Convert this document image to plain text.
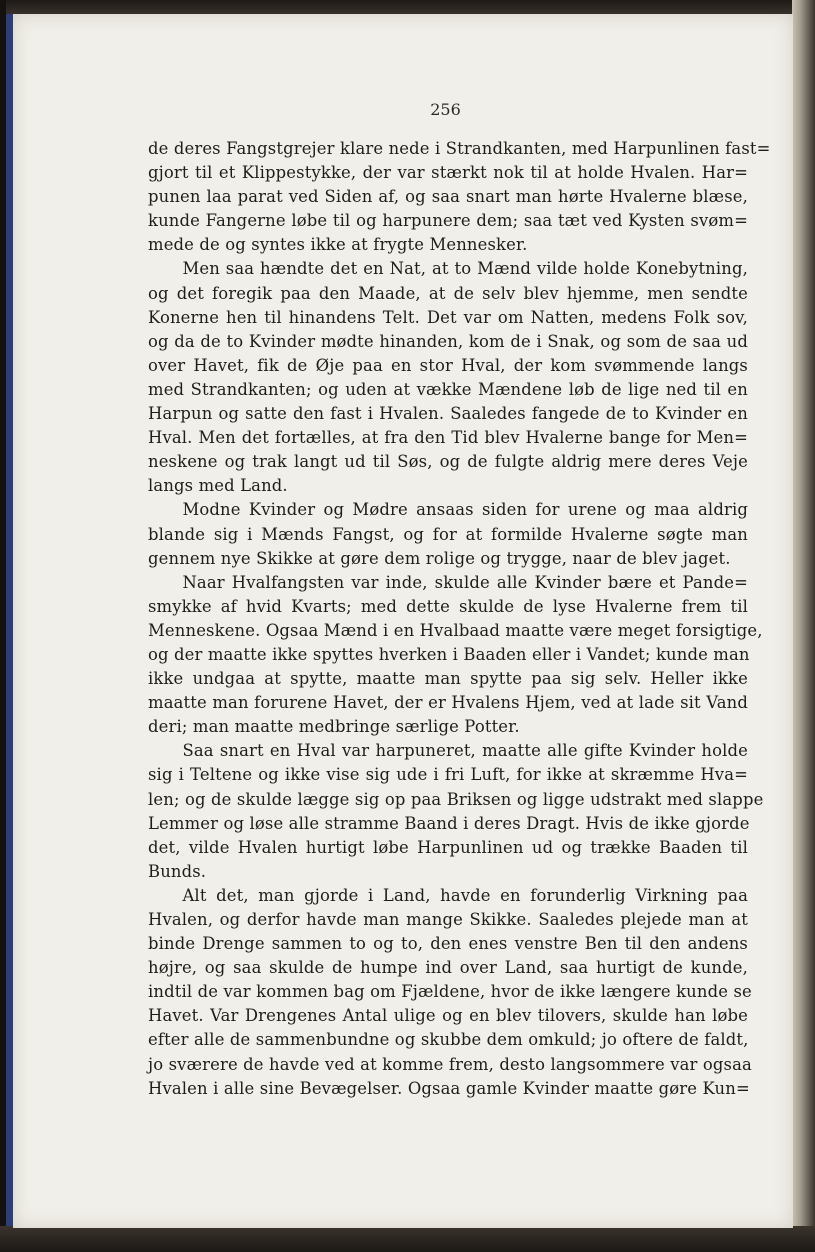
256
de deres Fangstgrejer klare nede i Strandkanten, med Harpunlinen fast=
gjort til et Klippestykke, der var stærkt nok til at holde Hvalen. Har=
punen laa parat ved Siden af, og saa snart man hørte Hvalerne blæse,
kunde Fangerne løbe til og harpunere dem; saa tæt ved Kysten svøm=
mede de og syntes ikke at frygte Mennesker.
Men saa hændte det en Nat, at to Mænd vilde holde Konebytning,
og det foregik paa den Maade, at de selv blev hjemme, men sendte
Konerne hen til hinandens Telt. Det var om Natten, medens Folk sov,
og da de to Kvinder mødte hinanden, kom de i Snak, og som de saa ud
over Havet, fik de Øje paa en stor Hval, der kom svømmende langs
med Strandkanten; og uden at vække Mændene løb de lige ned til en
Harpun og satte den fast i Hvalen. Saaledes fangede de to Kvinder en
Hval. Men det fortælles, at fra den Tid blev Hvalerne bange for Men=
neskene og trak langt ud til Søs, og de fulgte aldrig mere deres Veje
langs med Land.
Modne Kvinder og Mødre ansaas siden for urene og maa aldrig
blande sig i Mænds Fangst, og for at formilde Hvalerne søgte man
gennem nye Skikke at gøre dem rolige og trygge, naar de blev jaget.
Naar Hvalfangsten var inde, skulde alle Kvinder bære et Pande=
smykke af hvid Kvarts; med dette skulde de lyse Hvalerne frem til
Menneskene. Ogsaa Mænd i en Hvalbaad maatte være meget forsigtige,
og der maatte ikke spyttes hverken i Baaden eller i Vandet; kunde man
ikke undgaa at spytte, maatte man spytte paa sig selv. Heller ikke
maatte man forurene Havet, der er Hvalens Hjem, ved at lade sit Vand
deri; man maatte medbringe særlige Potter.
Saa snart en Hval var harpuneret, maatte alle gifte Kvinder holde
sig i Teltene og ikke vise sig ude i fri Luft, for ikke at skræmme Hva=
len; og de skulde lægge sig op paa Briksen og ligge udstrakt med slappe
Lemmer og løse alle stramme Baand i deres Dragt. Hvis de ikke gjorde
det, vilde Hvalen hurtigt løbe Harpunlinen ud og trække Baaden til
Bunds.
Alt det, man gjorde i Land, havde en forunderlig Virkning paa
Hvalen, og derfor havde man mange Skikke. Saaledes plejede man at
binde Drenge sammen to og to, den enes venstre Ben til den andens
højre, og saa skulde de humpe ind over Land, saa hurtigt de kunde,
indtil de var kommen bag om Fjældene, hvor de ikke længere kunde se
Havet. Var Drengenes Antal ulige og en blev tilovers, skulde han løbe
efter alle de sammenbundne og skubbe dem omkuld; jo oftere de faldt,
jo sværere de havde ved at komme frem, desto langsommere var ogsaa
Hvalen i alle sine Bevægelser. Ogsaa gamle Kvinder maatte gøre Kun=
